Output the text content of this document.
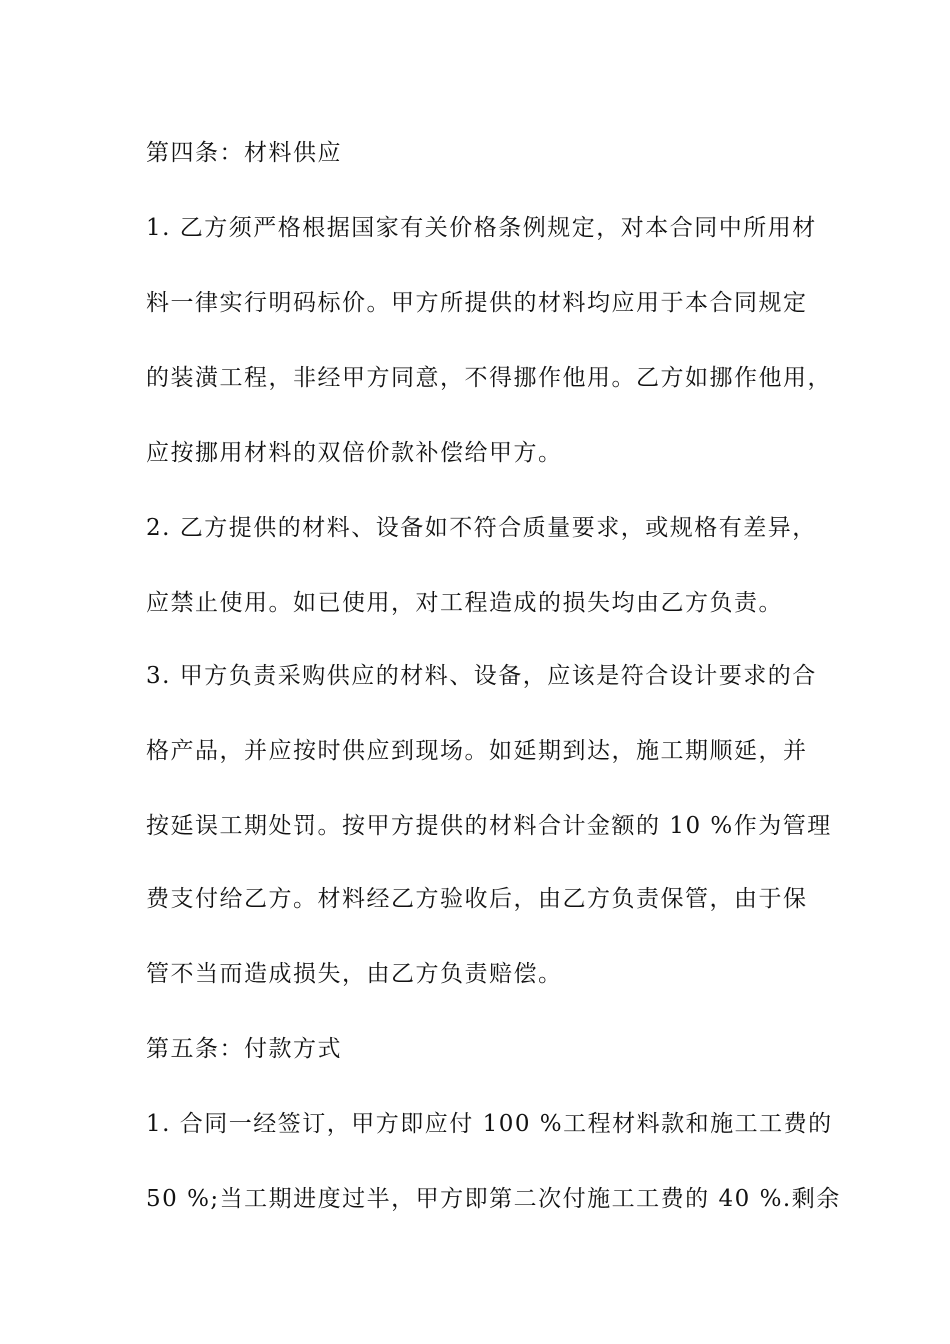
第四条：材料供应
1. 乙方须严格根据国家有关价格条例规定，对本合同中所用材
料一律实行明码标价。甲方所提供的材料均应用于本合同规定
的装潢工程，非经甲方同意，不得挪作他用。乙方如挪作他用，
应按挪用材料的双倍价款补偿给甲方。
2. 乙方提供的材料、设备如不符合质量要求，或规格有差异，
应禁止使用。如已使用，对工程造成的损失均由乙方负责。
3. 甲方负责采购供应的材料、设备，应该是符合设计要求的合
格产品，并应按时供应到现场。如延期到达，施工期顺延，并
按延误工期处罚。按甲方提供的材料合计金额的 10 %作为管理
费支付给乙方。材料经乙方验收后，由乙方负责保管，由于保
管不当而造成损失，由乙方负责赔偿。
第五条：付款方式
1. 合同一经签订，甲方即应付 100 %工程材料款和施工工费的
50 %;当工期进度过半，甲方即第二次付施工工费的 40 %.剩余
